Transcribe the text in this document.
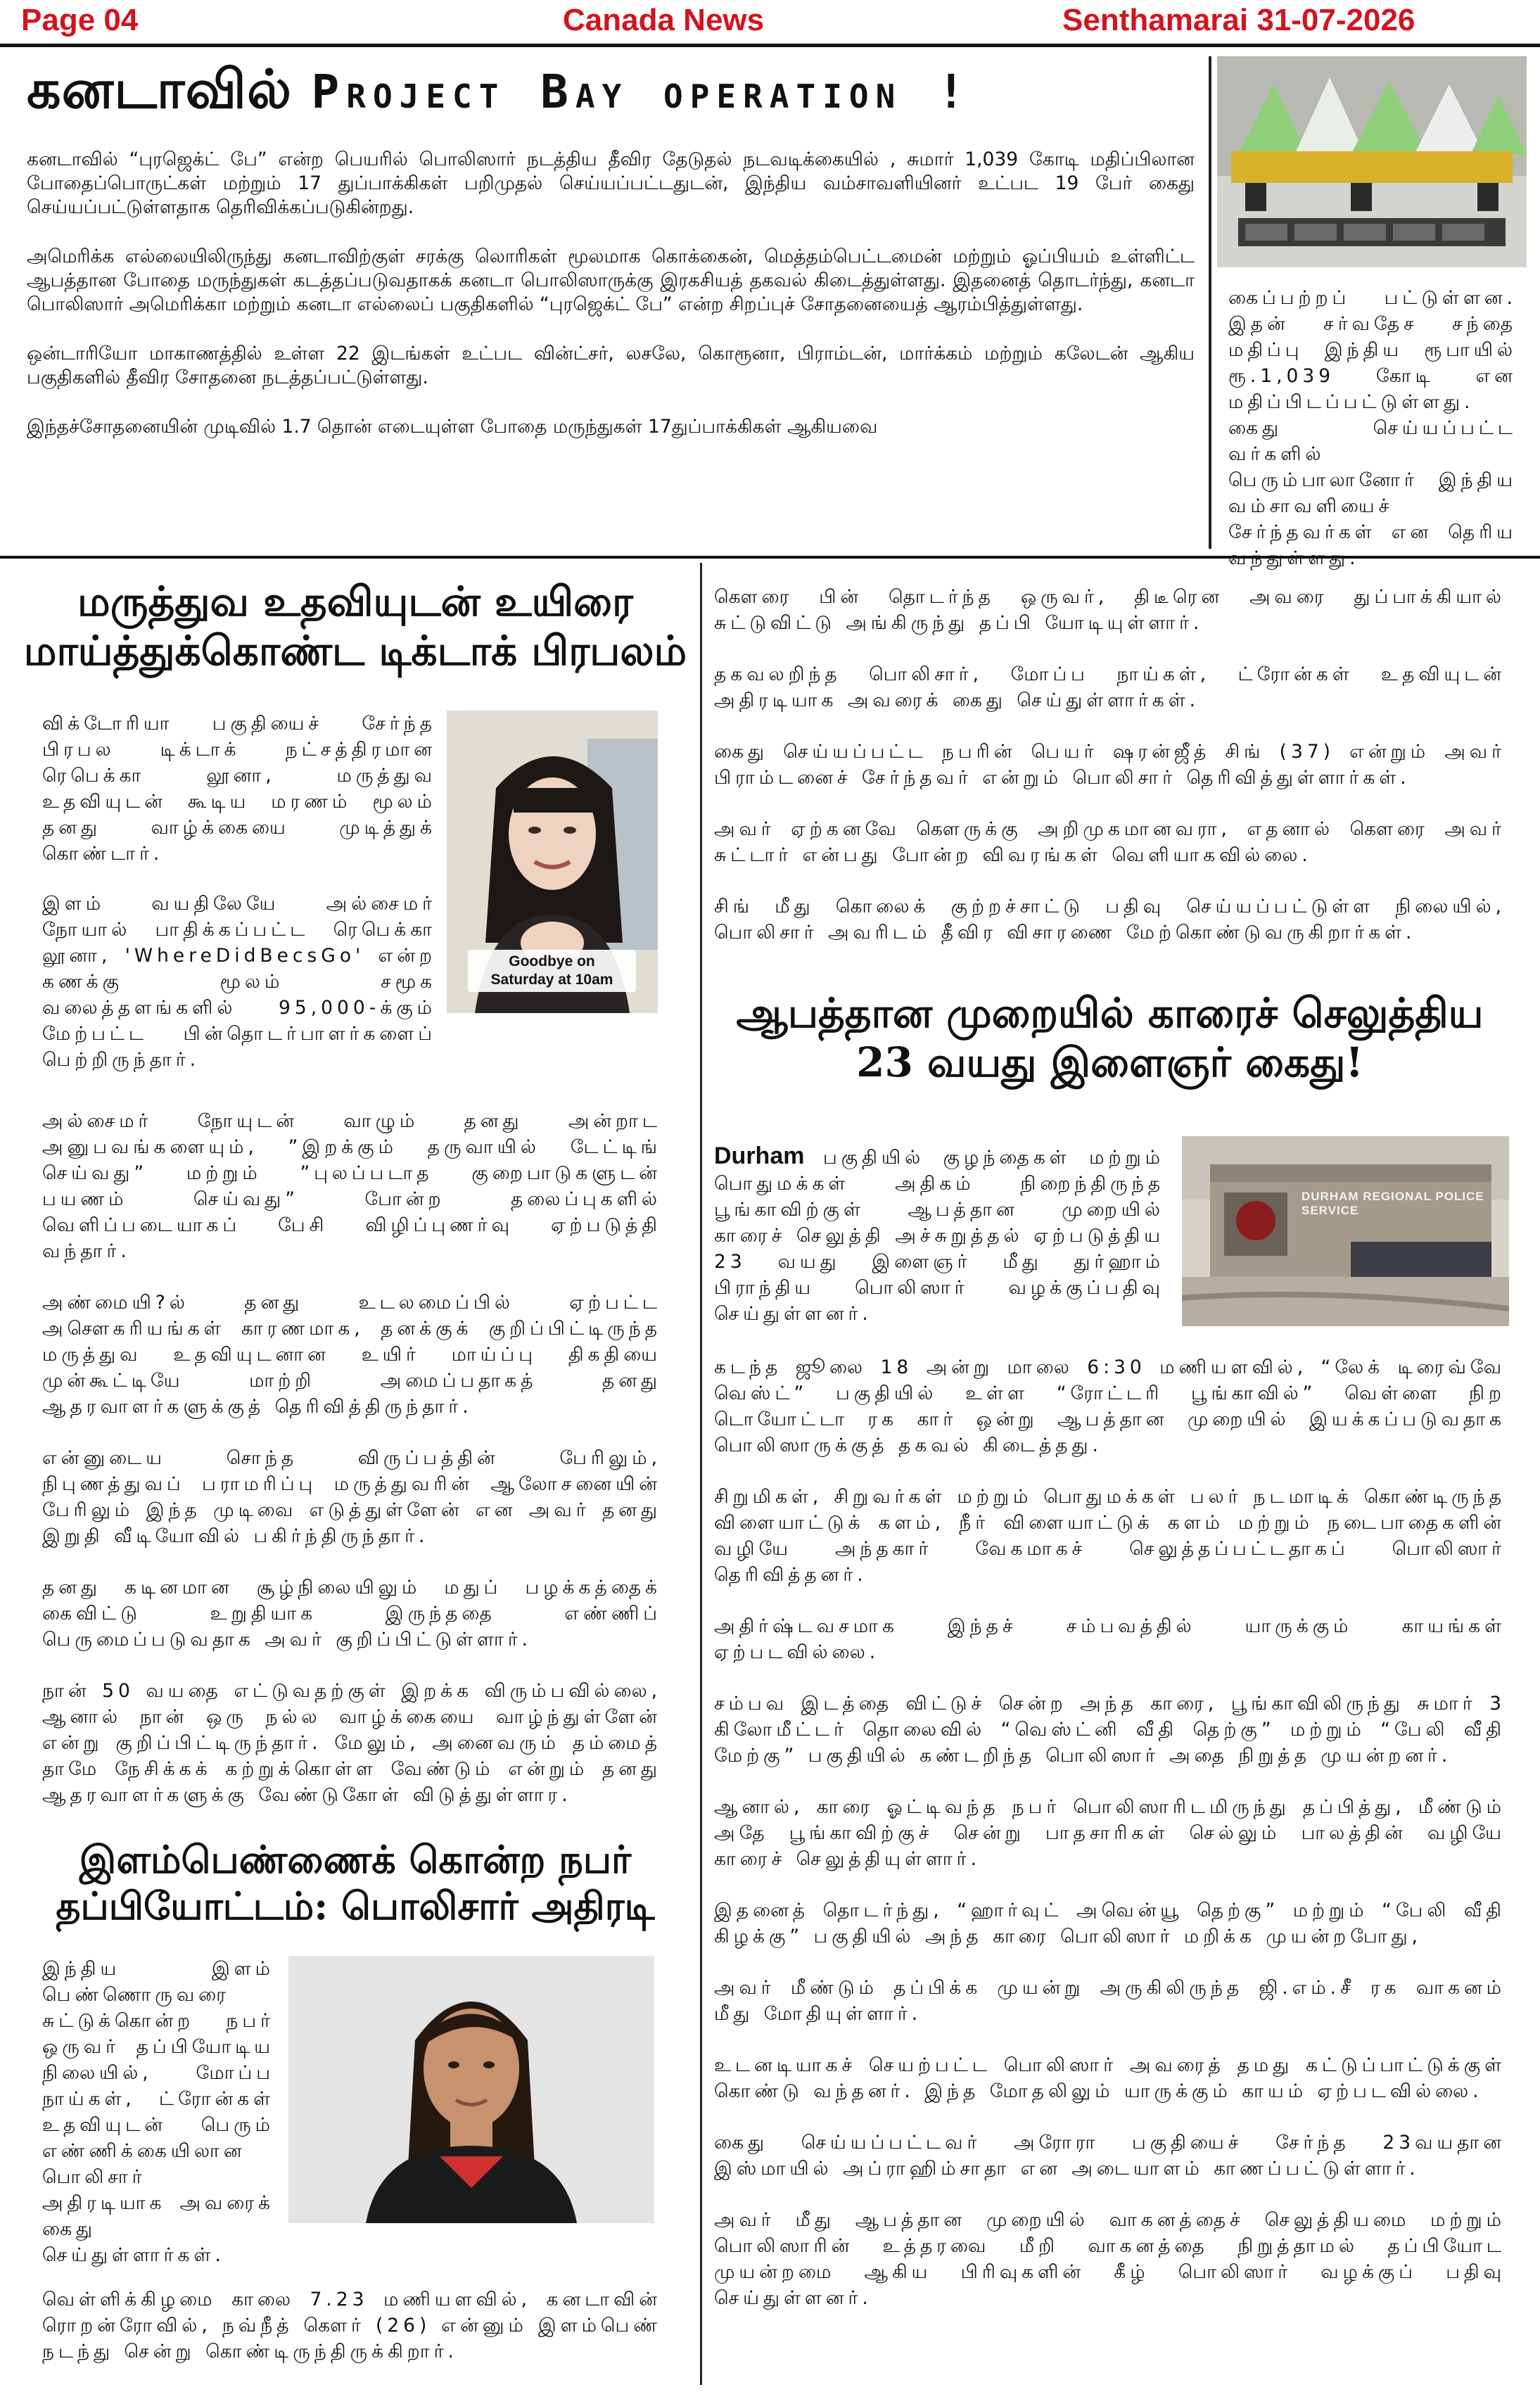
Page 04	Canada News	Senthamarai 31-07-2026
கனடாவில் Project Bay operation !

கனடாவில் “புரஜெக்ட் பே” என்ற பெயரில் பொலிஸார் நடத்திய தீவிர தேடுதல் நடவடிக்கையில் , சுமார் 1,039 கோடி மதிப்பிலான போதைப்பொருட்கள் மற்றும் 17 துப்பாக்கிகள் பறிமுதல் செய்யப்பட்டதுடன், இந்திய வம்சாவளியினர் உட்பட 19 பேர் கைது செய்யப்பட்டுள்ளதாக தெரிவிக்கப்படுகின்றது.

அமெரிக்க எல்லையிலிருந்து கனடாவிற்குள் சரக்கு லொரிகள் மூலமாக கொக்கைன், மெத்தம்பெட்டமைன் மற்றும் ஓப்பியம் உள்ளிட்ட ஆபத்தான போதை மருந்துகள் கடத்தப்படுவதாகக் கனடா பொலிஸாருக்கு இரகசியத் தகவல் கிடைத்துள்ளது. இதனைத் தொடர்ந்து, கனடா பொலிஸார் அமெரிக்கா மற்றும் கனடா எல்லைப் பகுதிகளில் “புரஜெக்ட் பே” என்ற சிறப்புச் சோதனையைத் ஆரம்பித்துள்ளது.

ஒன்டாரியோ மாகாணத்தில் உள்ள 22 இடங்கள் உட்பட வின்ட்சர், லசலே, கொரூனா, பிராம்டன், மார்க்கம் மற்றும் கலேடன் ஆகிய பகுதிகளில் தீவிர சோதனை நடத்தப்பட்டுள்ளது.

இந்தச்சோதனையின் முடிவில் 1.7 தொன் எடையுள்ள போதை மருந்துகள் 17துப்பாக்கிகள் ஆகியவை

கைப்பற்றப் பட்டுள்ளன. இதன் சர்வதேச சந்தை மதிப்பு இந்திய ரூபாயில் ரூ.1,039 கோடி என மதிப்பிடப்பட்டுள்ளது. கைது செய்யப்பட்ட வர்களில் பெரும்பாலானோர் இந்திய வம்சாவளியைச் சேர்ந்தவர்கள் என தெரிய

மருத்துவ உதவியுடன் உயிரை மாய்த்துக்கொண்ட டிக்டாக் பிரபலம்

விக்டோரியா பகுதியைச் சேர்ந்த பிரபல டிக்டாக் நட்சத்திரமான ரெபெக்கா லூனா, மருத்துவ உதவியுடன் கூடிய மரணம் மூலம் தனது வாழ்க்கையை முடித்துக் கொண்டார்.

இளம் வயதிலேயே அல்சைமர் நோயால் பாதிக்கப்பட்ட ரெபெக்கா லூனா, 'WhereDidBecsGo' என்ற கணக்கு மூலம் சமூக வலைத்தளங்களில் 95,000-க்கும் மேற்பட்ட பின்தொடர்பாளர்களைப் பெற்றிருந்தார்.

Goodbye on Saturday at 10am

அல்சைமர் நோயுடன் வாழும் தனது அன்றாட அனுபவங்களையும், ”இறக்கும் தருவாயில் டேட்டிங் செய்வது” மற்றும் ”புலப்படாத குறைபாடுகளுடன் பயணம் செய்வது” போன்ற தலைப்புகளில் வெளிப்படையாகப் பேசி விழிப்புணர்வு ஏற்படுத்தி வந்தார்.

அண்மையி?ல் தனது உடலமைப்பில் ஏற்பட்ட அசௌகரியங்கள் காரணமாக, தனக்குக் குறிப்பிட்டிருந்த மருத்துவ உதவியுடனான உயிர் மாய்ப்பு திகதியை முன்கூட்டியே மாற்றி அமைப்பதாகத் தனது ஆதரவாளர்களுக்குத் தெரிவித்திருந்தார்.

என்னுடைய சொந்த விருப்பத்தின் பேரிலும், நிபுணத்துவப் பராமரிப்பு மருத்துவரின் ஆலோசனையின் பேரிலும் இந்த முடிவை எடுத்துள்ளேன் என அவர் தனது இறுதி வீடியோவில் பகிர்ந்திருந்தார்.

தனது கடினமான சூழ்நிலையிலும் மதுப் பழக்கத்தைக் கைவிட்டு உறுதியாக இருந்ததை எண்ணிப் பெருமைப்படுவதாக அவர் குறிப்பிட்டுள்ளார்.

நான் 50 வயதை எட்டுவதற்குள் இறக்க விரும்பவில்லை, ஆனால் நான் ஒரு நல்ல வாழ்க்கையை வாழ்ந்துள்ளேன் என்று குறிப்பிட்டிருந்தார். மேலும், அனைவரும் தம்மைத் தாமே நேசிக்கக் கற்றுக்கொள்ள வேண்டும் என்றும் தனது ஆதரவாளர்களுக்கு வேண்டுகோள் விடுத்துள்ளார.

இளம்பெண்ணைக் கொன்ற நபர் தப்பியோட்டம்: பொலிசார் அதிரடி

இந்திய இளம் பெண்ணொருவரை சுட்டுக்கொன்ற நபர் ஒருவர் தப்பியோடிய நிலையில், மோப்ப நாய்கள், ட்ரோன்கள் உதவியுடன் பெரும் எண்ணிக்கையிலான பொலிசார் அதிரடியாக அவரைக் கைது செய்துள்ளார்கள்.

வெள்ளிக்கிழமை காலை 7.23 மணியளவில், கனடாவின் ரொறன்ரோவில், நவ்நீத் கௌர் (26) என்னும் இளம்பெண் நடந்து சென்று கொண்டிருந்திருக்கிறார்.

கௌரை பின் தொடர்ந்த ஒருவர், திடீரென அவரை துப்பாக்கியால் சுட்டுவிட்டு அங்கிருந்து தப்பி யோடியுள்ளார்.

தகவலறிந்த பொலிசார், மோப்ப நாய்கள், ட்ரோன்கள் உதவியுடன் அதிரடியாக அவரைக் கைது செய்துள்ளார்கள்.

கைது செய்யப்பட்ட நபரின் பெயர் ஷரன்ஜீத் சிங் (37) என்றும் அவர் பிராம்டனைச் சேர்ந்தவர் என்றும் பொலிசார் தெரிவித்துள்ளார்கள்.

அவர் ஏற்கனவே கௌருக்கு அறிமுகமானவரா, எதனால் கௌரை அவர் சுட்டார் என்பது போன்ற விவரங்கள் வெளியாகவில்லை.

சிங் மீது கொலைக் குற்றச்சாட்டு பதிவு செய்யப்பட்டுள்ள நிலையில், பொலிசார் அவரிடம் தீவிர விசாரணை மேற்கொண்டுவருகிறார்கள்.

ஆபத்தான முறையில் காரைச் செலுத்திய 23 வயது இளைஞர் கைது!

Durham பகுதியில் குழந்தைகள் மற்றும் பொதுமக்கள் அதிகம் நிறைந்திருந்த பூங்காவிற்குள் ஆபத்தான முறையில் காரைச் செலுத்தி அச்சுறுத்தல் ஏற்படுத்திய 23 வயது இளைஞர் மீது துர்ஹாம் பிராந்திய பொலிஸார் வழக்குப்பதிவு செய்துள்ளனர்.

DURHAM REGIONAL POLICE SERVICE

கடந்த ஜூலை 18 அன்று மாலை 6:30 மணியளவில், “லேக் டிரைவ்வே வெஸ்ட்” பகுதியில் உள்ள “ரோட்டரி பூங்காவில்” வெள்ளை நிற டொயோட்டா ரக கார் ஒன்று ஆபத்தான முறையில் இயக்கப்படுவதாக பொலிஸாருக்குத் தகவல் கிடைத்தது.

சிறுமிகள், சிறுவர்கள் மற்றும் பொதுமக்கள் பலர் நடமாடிக் கொண்டிருந்த விளையாட்டுக் களம், நீர் விளையாட்டுக் களம் மற்றும் நடைபாதைகளின் வழியே அந்தகார் வேகமாகச் செலுத்தப்பட்டதாகப் பொலிஸார் தெரிவித்தனர்.

அதிர்ஷ்டவசமாக இந்தச் சம்பவத்தில் யாருக்கும் காயங்கள் ஏற்படவில்லை.

சம்பவ இடத்தை விட்டுச் சென்ற அந்த காரை, பூங்காவிலிருந்து சுமார் 3 கிலோமீட்டர் தொலைவில் “வெஸ்ட்னி வீதி தெற்கு” மற்றும் “பேலி வீதி மேற்கு” பகுதியில் கண்டறிந்த பொலிஸார் அதை நிறுத்த முயன்றனர்.

ஆனால், காரை ஓட்டிவந்த நபர் பொலிஸாரிடமிருந்து தப்பித்து, மீண்டும் அதே பூங்காவிற்குச் சென்று பாதசாரிகள் செல்லும் பாலத்தின் வழியே காரைச் செலுத்தியுள்ளார்.

இதனைத் தொடர்ந்து, “ஹார்வுட் அவென்யூ தெற்கு” மற்றும் “பேலி வீதி கிழக்கு” பகுதியில் அந்த காரை பொலிஸார் மறிக்க முயன்றபோது,

அவர் மீண்டும் தப்பிக்க முயன்று அருகிலிருந்த ஜி.எம்.சீ ரக வாகனம் மீது மோதியுள்ளார்.

உடனடியாகச் செயற்பட்ட பொலிஸார் அவரைத் தமது கட்டுப்பாட்டுக்குள் கொண்டு வந்தனர். இந்த மோதலிலும் யாருக்கும் காயம் ஏற்படவில்லை.

கைது செய்யப்பட்டவர் அரோரா பகுதியைச் சேர்ந்த 23வயதான இஸ்மாயில் அப்ராஹிம்சாதா என அடையாளம் காணப்பட்டுள்ளார்.

அவர் மீது ஆபத்தான முறையில் வாகனத்தைச் செலுத்தியமை மற்றும் பொலிஸாரின் உத்தரவை மீறி வாகனத்தை நிறுத்தாமல் தப்பியோட முயன்றமை ஆகிய பிரிவுகளின் கீழ் பொலிஸார் வழக்குப் பதிவு செய்துள்ளனர்.
